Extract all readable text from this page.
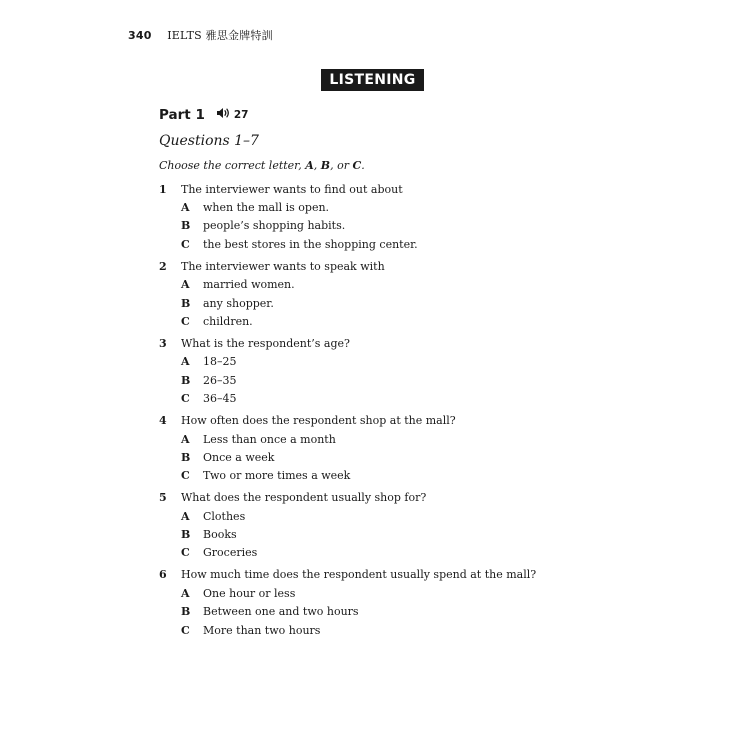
340 IELTS 雅思金牌特訓
LISTENING
Part 1	27
Questions 1–7
Choose the correct letter, A, B, or C.
1	The interviewer wants to find out about
A	when the mall is open.
B	people’s shopping habits.
C	the best stores in the shopping center.
2	The interviewer wants to speak with
A	married women.
B	any shopper.
C	children.
3	What is the respondent’s age?
A	18–25
B	26–35
C	36–45
4	How often does the respondent shop at the mall?
A	Less than once a month
B	Once a week
C	Two or more times a week
5	What does the respondent usually shop for?
A	Clothes
B	Books
C	Groceries
6	How much time does the respondent usually spend at the mall?
A	One hour or less
B	Between one and two hours
C	More than two hours
